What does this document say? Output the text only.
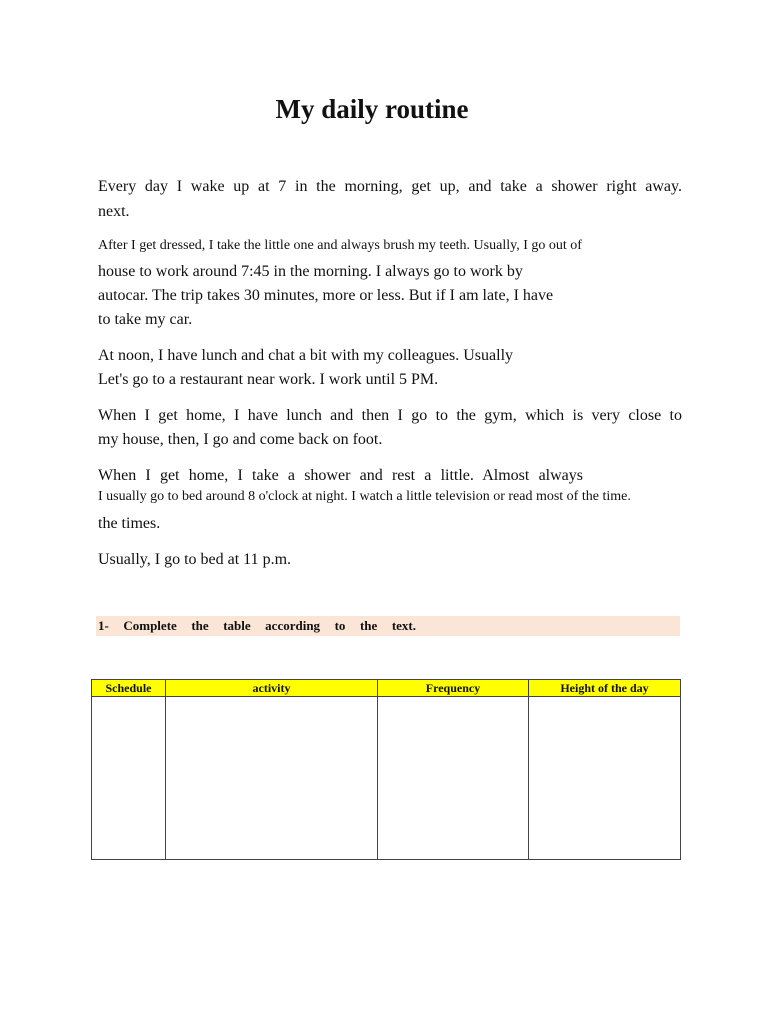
My daily routine

Every day I wake up at 7 in the morning, get up, and take a shower right away.

next.

After I get dressed, I take the little one and always brush my teeth. Usually, I go out of

house to work around 7:45 in the morning. I always go to work by

autocar. The trip takes 30 minutes, more or less. But if I am late, I have

to take my car.

At noon, I have lunch and chat a bit with my colleagues. Usually

Let's go to a restaurant near work. I work until 5 PM.

When I get home, I have lunch and then I go to the gym, which is very close to

my house, then, I go and come back on foot.

When I get home, I take a shower and rest a little. Almost always

I usually go to bed around 8 o'clock at night. I watch a little television or read most of the time.

the times.

Usually, I go to bed at 11 p.m.

1- Complete the table according to the text.

Schedule	activity	Frequency	Height of the day
